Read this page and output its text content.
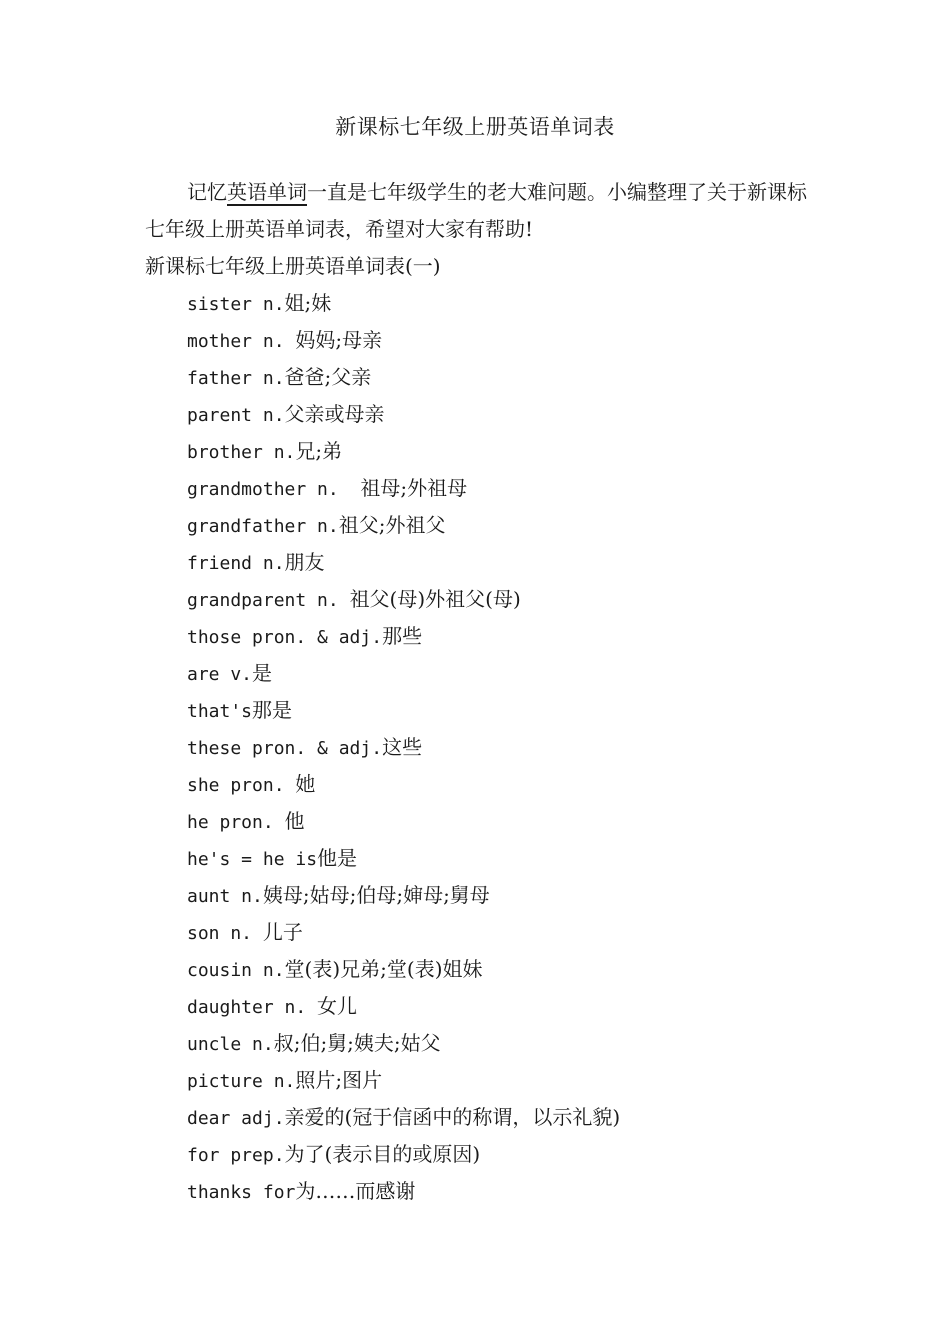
新课标七年级上册英语单词表
记忆英语单词一直是七年级学生的老大难问题。小编整理了关于新课标七年级上册英语单词表，希望对大家有帮助!
新课标七年级上册英语单词表(一)
sister n.姐;妹
mother n. 妈妈;母亲
father n.爸爸;父亲
parent n.父亲或母亲
brother n.兄;弟
grandmother n.  祖母;外祖母
grandfather n.祖父;外祖父
friend n.朋友
grandparent n. 祖父(母)外祖父(母)
those pron. & adj.那些
are v.是
that's那是
these pron. & adj.这些
she pron. 她
he pron. 他
he's = he is他是
aunt n.姨母;姑母;伯母;婶母;舅母
son n. 儿子
cousin n.堂(表)兄弟;堂(表)姐妹
daughter n. 女儿
uncle n.叔;伯;舅;姨夫;姑父
picture n.照片;图片
dear adj.亲爱的(冠于信函中的称谓，以示礼貌)
for prep.为了(表示目的或原因)
thanks for为……而感谢
